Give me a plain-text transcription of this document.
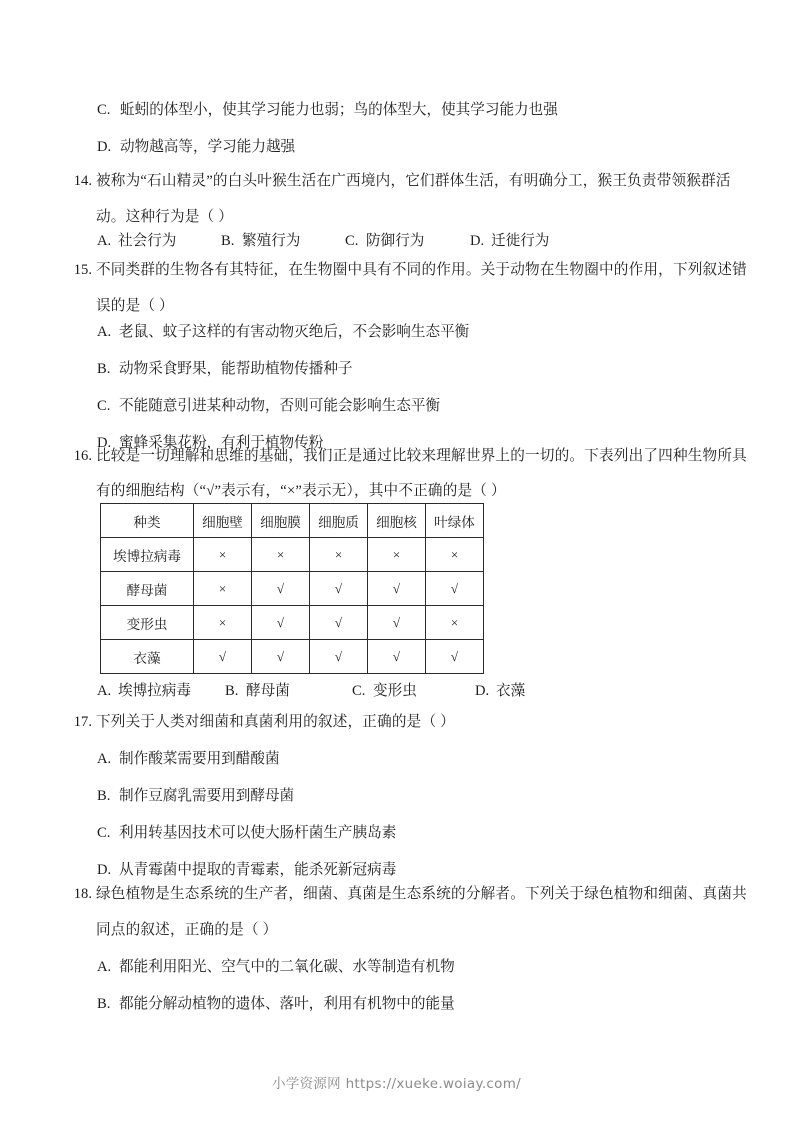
C. 蚯蚓的体型小，使其学习能力也弱；鸟的体型大，使其学习能力也强
D. 动物越高等，学习能力越强
14. 被称为“石山精灵”的白头叶猴生活在广西境内，它们群体生活，有明确分工，猴王负责带领猴群活
动。这种行为是（ ）
A. 社会行为	B. 繁殖行为	C. 防御行为	D. 迁徙行为
15. 不同类群的生物各有其特征，在生物圈中具有不同的作用。关于动物在生物圈中的作用，下列叙述错
误的是（ ）
A. 老鼠、蚊子这样的有害动物灭绝后，不会影响生态平衡
B. 动物采食野果，能帮助植物传播种子
C. 不能随意引进某种动物，否则可能会影响生态平衡
D. 蜜蜂采集花粉，有利于植物传粉
16. 比较是一切理解和思维的基础，我们正是通过比较来理解世界上的一切的。下表列出了四种生物所具
有的细胞结构（“√”表示有，“×”表示无），其中不正确的是（ ）
种类	细胞壁	细胞膜	细胞质	细胞核	叶绿体
埃博拉病毒	×	×	×	×	×
酵母菌	×	√	√	√	√
变形虫	×	√	√	√	×
衣藻	√	√	√	√	√
A. 埃博拉病毒 B. 酵母菌	C. 变形虫	D. 衣藻
17. 下列关于人类对细菌和真菌利用的叙述，正确的是（ ）
A. 制作酸菜需要用到醋酸菌
B. 制作豆腐乳需要用到酵母菌
C. 利用转基因技术可以使大肠杆菌生产胰岛素
D. 从青霉菌中提取的青霉素，能杀死新冠病毒
18. 绿色植物是生态系统的生产者，细菌、真菌是生态系统的分解者。下列关于绿色植物和细菌、真菌共
同点的叙述，正确的是（ ）
A. 都能利用阳光、空气中的二氧化碳、水等制造有机物
B. 都能分解动植物的遗体、落叶，利用有机物中的能量
小学资源网 https://xueke.woiay.com/
